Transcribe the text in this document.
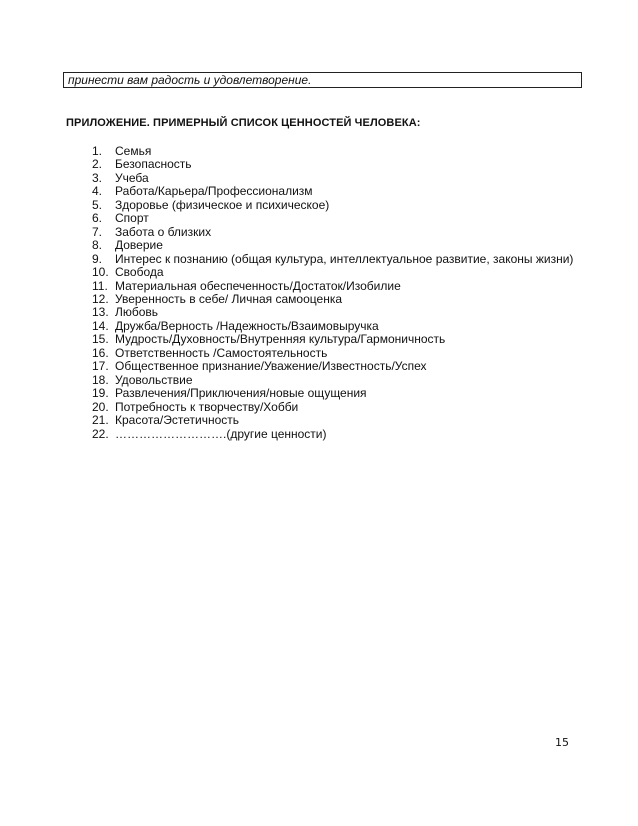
принести вам радость и удовлетворение.
ПРИЛОЖЕНИЕ. ПРИМЕРНЫЙ СПИСОК ЦЕННОСТЕЙ ЧЕЛОВЕКА:
1. Семья
2. Безопасность
3. Учеба
4. Работа/Карьера/Профессионализм
5. Здоровье (физическое и психическое)
6. Спорт
7. Забота о близких
8. Доверие
9. Интерес к познанию (общая культура, интеллектуальное развитие, законы жизни)
10. Свобода
11. Материальная обеспеченность/Достаток/Изобилие
12. Уверенность в себе/ Личная самооценка
13. Любовь
14. Дружба/Верность /Надежность/Взаимовыручка
15. Мудрость/Духовность/Внутренняя культура/Гармоничность
16. Ответственность /Самостоятельность
17. Общественное признание/Уважение/Известность/Успех
18. Удовольствие
19. Развлечения/Приключения/новые ощущения
20. Потребность к творчеству/Хобби
21. Красота/Эстетичность
22. ……………………….(другие ценности)
15
